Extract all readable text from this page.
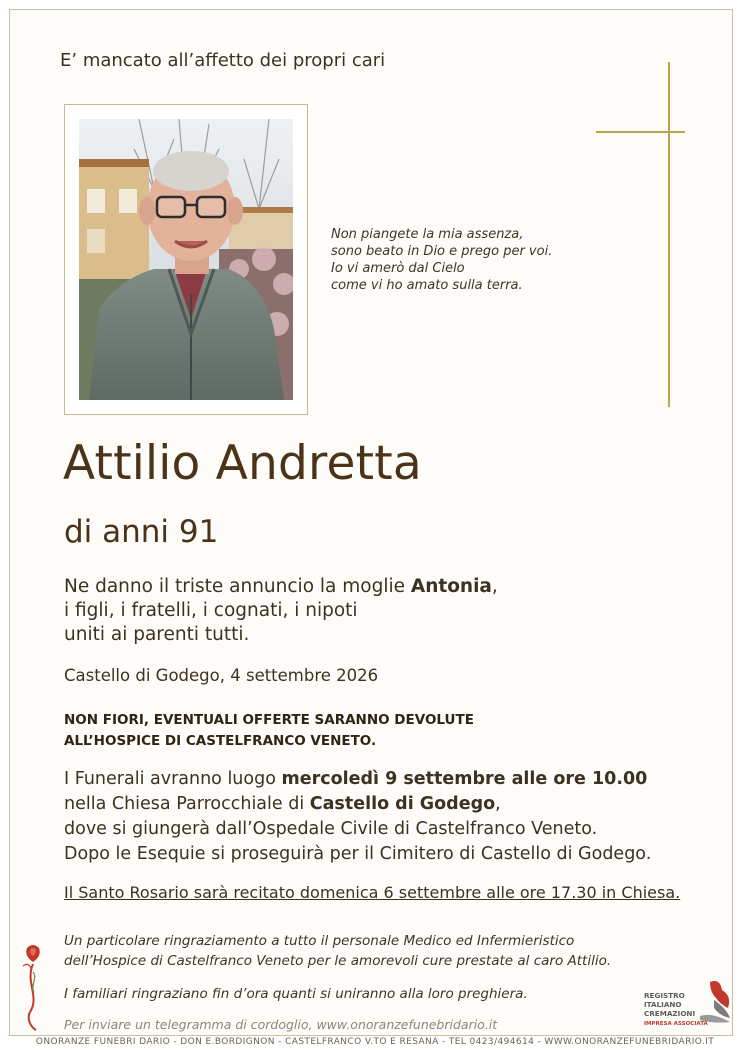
E’ mancato all’affetto dei propri cari
Non piangete la mia assenza,
sono beato in Dio e prego per voi.
Io vi amerò dal Cielo
come vi ho amato sulla terra.
Attilio Andretta
di anni 91
Ne danno il triste annuncio la moglie Antonia,
i figli, i fratelli, i cognati, i nipoti
uniti ai parenti tutti.
Castello di Godego, 4 settembre 2026
NON FIORI, EVENTUALI OFFERTE SARANNO DEVOLUTE
ALL’HOSPICE DI CASTELFRANCO VENETO.
I Funerali avranno luogo mercoledì 9 settembre alle ore 10.00
nella Chiesa Parrocchiale di Castello di Godego,
dove si giungerà dall’Ospedale Civile di Castelfranco Veneto.
Dopo le Esequie si proseguirà per il Cimitero di Castello di Godego.
Il Santo Rosario sarà recitato domenica 6 settembre alle ore 17.30 in Chiesa.
Un particolare ringraziamento a tutto il personale Medico ed Infermieristico
dell’Hospice di Castelfranco Veneto per le amorevoli cure prestate al caro Attilio.
I familiari ringraziano fin d’ora quanti si uniranno alla loro preghiera.
Per inviare un telegramma di cordoglio, www.onoranzefunebridario.it
ONORANZE FUNEBRI DARIO - DON E.BORDIGNON - CASTELFRANCO V.TO E RESANA - TEL 0423/494614 - WWW.ONORANZEFUNEBRIDARIO.IT
REGISTRO
ITALIANO
CREMAZIONI
IMPRESA ASSOCIATA
